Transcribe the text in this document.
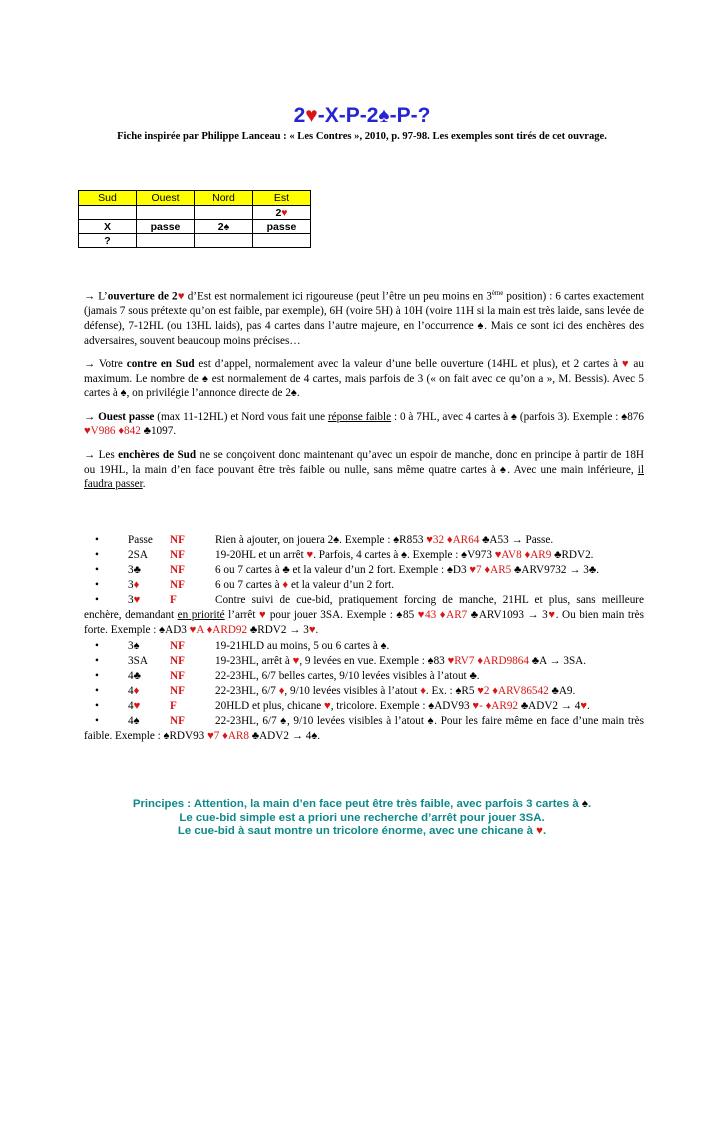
2♥-X-P-2♠-P-?
Fiche inspirée par Philippe Lanceau : « Les Contres », 2010, p. 97-98. Les exemples sont tirés de cet ouvrage.
Sud	Ouest	Nord	Est
			2♥
X	passe	2♠	passe
?			
→ L’ouverture de 2♥ d’Est est normalement ici rigoureuse (peut l’être un peu moins en 3ème position) : 6 cartes exactement (jamais 7 sous prétexte qu’on est faible, par exemple), 6H (voire 5H) à 10H (voire 11H si la main est très laide, sans levée de défense), 7-12HL (ou 13HL laids), pas 4 cartes dans l’autre majeure, en l’occurrence ♠. Mais ce sont ici des enchères des adversaires, souvent beaucoup moins précises…
→ Votre contre en Sud est d’appel, normalement avec la valeur d’une belle ouverture (14HL et plus), et 2 cartes à ♥ au maximum. Le nombre de ♠ est normalement de 4 cartes, mais parfois de 3 (« on fait avec ce qu’on a », M. Bessis). Avec 5 cartes à ♠, on privilégie l’annonce directe de 2♠.
→ Ouest passe (max 11-12HL) et Nord vous fait une réponse faible : 0 à 7HL, avec 4 cartes à ♠ (parfois 3). Exemple : ♠876 ♥V986 ♦842 ♣1097.
→ Les enchères de Sud ne se conçoivent donc maintenant qu’avec un espoir de manche, donc en principe à partir de 18H ou 19HL, la main d’en face pouvant être très faible ou nulle, sans même quatre cartes à ♠. Avec une main inférieure, il faudra passer.
•	Passe NF	Rien à ajouter, on jouera 2♠. Exemple : ♠R853 ♥32 ♦AR64 ♣A53 → Passe.
•	2SA NF	19-20HL et un arrêt ♥. Parfois, 4 cartes à ♠. Exemple : ♠V973 ♥AV8 ♦AR9 ♣RDV2.
•	3♣	NF	6 ou 7 cartes à ♣ et la valeur d’un 2 fort. Exemple : ♠D3 ♥7 ♦AR5 ♣ARV9732 → 3♣.
•	3♦	NF	6 ou 7 cartes à ♦ et la valeur d’un 2 fort.
•	3♥	F	Contre suivi de cue-bid, pratiquement forcing de manche, 21HL et plus, sans meilleure enchère, demandant en priorité l’arrêt ♥ pour jouer 3SA. Exemple : ♠85 ♥43 ♦AR7 ♣ARV1093 → 3♥. Ou bien main très forte. Exemple : ♠AD3 ♥A ♦ARD92 ♣RDV2 → 3♥.
•	3♠	NF	19-21HLD au moins, 5 ou 6 cartes à ♠.
•	3SA NF	19-23HL, arrêt à ♥, 9 levées en vue. Exemple : ♠83 ♥RV7 ♦ARD9864 ♣A → 3SA.
•	4♣	NF	22-23HL, 6/7 belles cartes, 9/10 levées visibles à l’atout ♣.
•	4♦	NF	22-23HL, 6/7 ♦, 9/10 levées visibles à l’atout ♦. Ex. : ♠R5 ♥2 ♦ARV86542 ♣A9.
•	4♥	F	20HLD et plus, chicane ♥, tricolore. Exemple : ♠ADV93 ♥- ♦AR92 ♣ADV2 → 4♥.
•	4♠	NF	22-23HL, 6/7 ♠, 9/10 levées visibles à l’atout ♠. Pour les faire même en face d’une main très faible. Exemple : ♠RDV93 ♥7 ♦AR8 ♣ADV2 → 4♠.
Principes : Attention, la main d’en face peut être très faible, avec parfois 3 cartes à ♠.
Le cue-bid simple est a priori une recherche d’arrêt pour jouer 3SA.
Le cue-bid à saut montre un tricolore énorme, avec une chicane à ♥.
